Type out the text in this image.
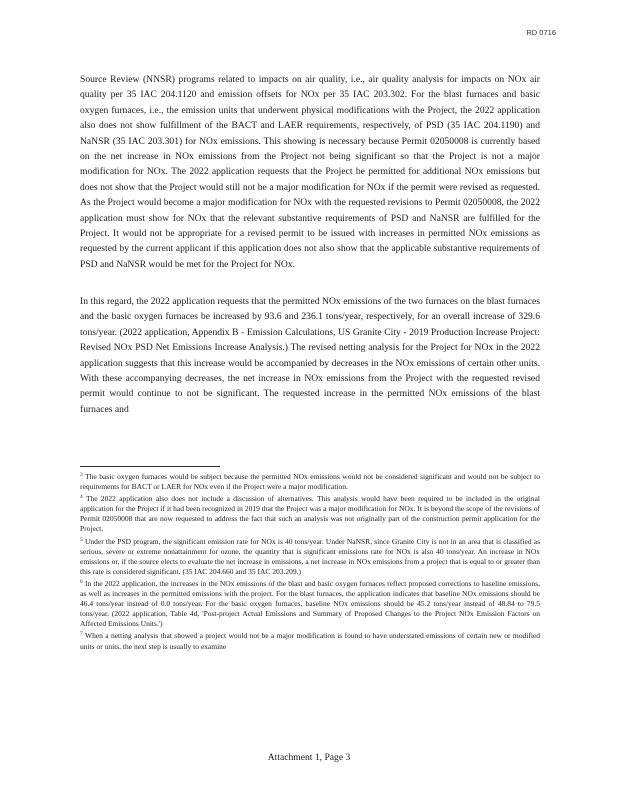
RD 0716

Source Review (NNSR) programs related to impacts on air quality, i.e., air quality analysis for impacts on NOx air quality per 35 IAC 204.1120 and emission offsets for NOx per 35 IAC 203.302. For the blast furnaces and basic oxygen furnaces, i.e., the emission units that underwent physical modifications with the Project, the 2022 application also does not show fulfillment of the BACT and LAER requirements, respectively, of PSD (35 IAC 204.1190) and NaNSR (35 IAC 203.301) for NOx emissions. This showing is necessary because Permit 02050008 is currently based on the net increase in NOx emissions from the Project not being significant so that the Project is not a major modification for NOx. The 2022 application requests that the Project be permitted for additional NOx emissions but does not show that the Project would still not be a major modification for NOx if the permit were revised as requested. As the Project would become a major modification for NOx with the requested revisions to Permit 02050008, the 2022 application must show for NOx that the relevant substantive requirements of PSD and NaNSR are fulfilled for the Project. It would not be appropriate for a revised permit to be issued with increases in permitted NOx emissions as requested by the current applicant if this application does not also show that the applicable substantive requirements of PSD and NaNSR would be met for the Project for NOx.

In this regard, the 2022 application requests that the permitted NOx emissions of the two furnaces on the blast furnaces and the basic oxygen furnaces be increased by 93.6 and 236.1 tons/year, respectively, for an overall increase of 329.6 tons/year. (2022 application, Appendix B - Emission Calculations, US Granite City - 2019 Production Increase Project: Revised NOx PSD Net Emissions Increase Analysis.) The revised netting analysis for the Project for NOx in the 2022 application suggests that this increase would be accompanied by decreases in the NOx emissions of certain other units. With these accompanying decreases, the net increase in NOx emissions from the Project with the requested revised permit would continue to not be significant. The requested increase in the permitted NOx emissions of the blast furnaces and

$^3$ The basic oxygen furnaces would be subject because the permitted NOx emissions would not be considered significant and would not be subject to requirements for BACT or LAER for NOx even if the Project were a major modification.

$^4$ The 2022 application also does not include a discussion of alternatives. This analysis would have been required to be included in the original application for the Project if it had been recognized in 2019 that the Project was a major modification for NOx. It is beyond the scope of the revisions of Permit 02050008 that are now requested to address the fact that such an analysis was not originally part of the construction permit application for the Project.

$^5$ Under the PSD program, the significant emission rate for NOx is 40 tons/year. Under NaNSR, since Granite City is not in an area that is classified as serious, severe or extreme nonattainment for ozone, the quantity that is significant emissions rate for NOx is also 40 tons/year. An increase in NOx emissions or, if the source elects to evaluate the net increase in emissions, a net increase in NOx emissions from a project that is equal to or greater than this rate is considered significant. (35 IAC 204.660 and 35 IAC 203.209.)

$^6$ In the 2022 application, the increases in the NOx emissions of the blast and basic oxygen furnaces reflect proposed corrections to baseline emissions, as well as increases in the permitted emissions with the project. For the blast furnaces, the application indicates that baseline NOx emissions should be 46.4 tons/year instead of 0.0 tons/year. For the basic oxygen furnaces, baseline NOx emissions should be 45.2 tons/year instead of 48.84 to 79.5 tons/year. (2022 application, Table 4d, 'Post-project Actual Emissions and Summary of Proposed Changes to the Project NOx Emission Factors on Affected Emissions Units.')

$^7$ When a netting analysis that showed a project would not be a major modification is found to have understated emissions of certain new or modified units or units, the next step is usually to examine

Attachment 1, Page 3
